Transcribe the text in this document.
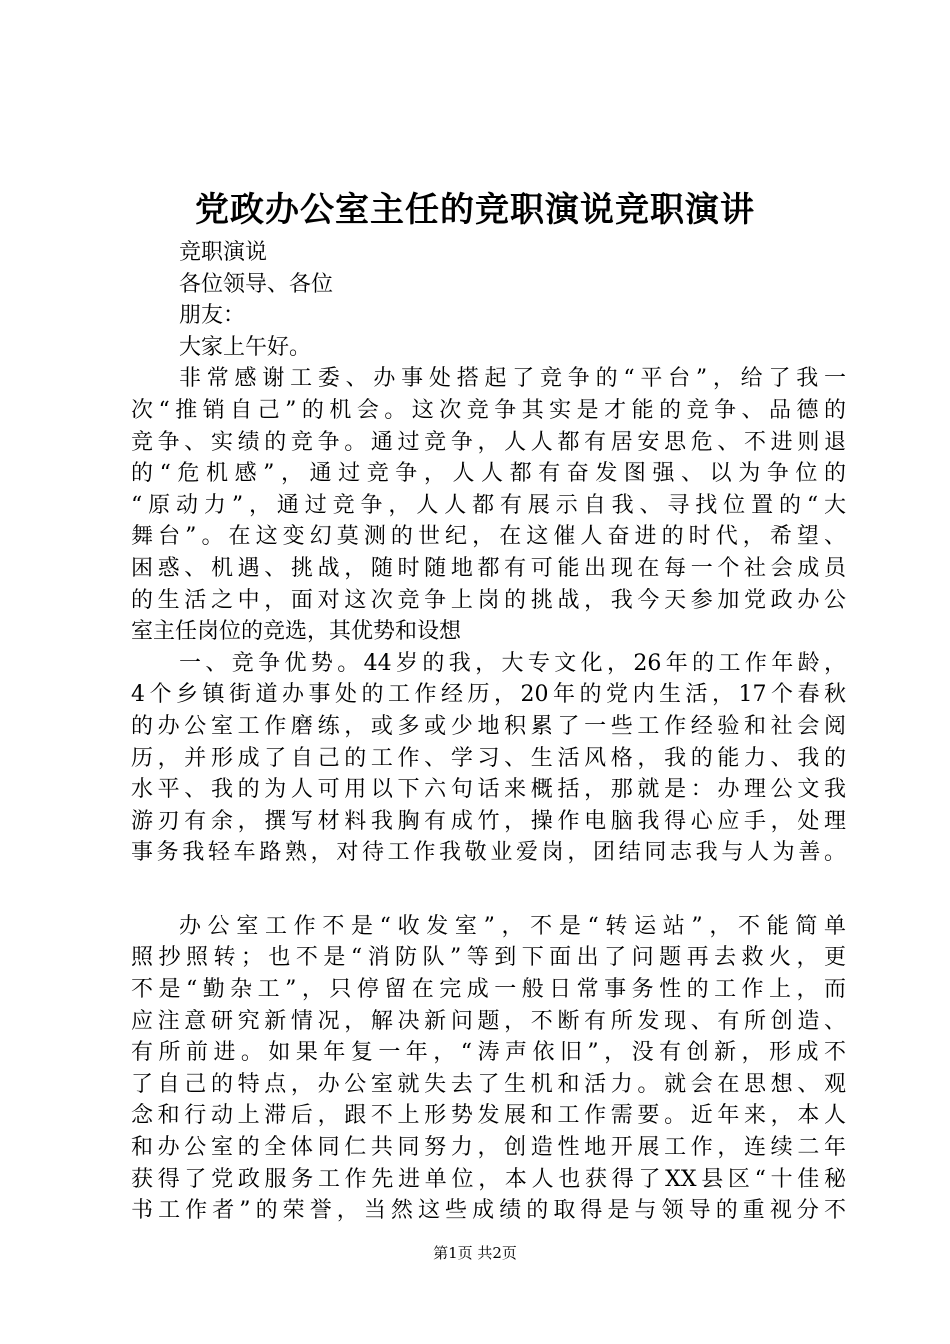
党政办公室主任的竞职演说竞职演讲

竞职演说

各位领导、各位

朋友：

大家上午好。

非常感谢工委、办事处搭起了竞争的“平台”，给了我一

次“推销自己”的机会。这次竞争其实是才能的竞争、品德的

竞争、实绩的竞争。通过竞争，人人都有居安思危、不进则退

的“危机感”，通过竞争，人人都有奋发图强、以为争位的

“原动力”，通过竞争，人人都有展示自我、寻找位置的“大

舞台”。在这变幻莫测的世纪，在这催人奋进的时代，希望、

困惑、机遇、挑战，随时随地都有可能出现在每一个社会成员

的生活之中，面对这次竞争上岗的挑战，我今天参加党政办公

室主任岗位的竞选，其优势和设想

一、竞争优势。44岁的我，大专文化，26年的工作年龄，

4个乡镇街道办事处的工作经历，20年的党内生活，17个春秋

的办公室工作磨练，或多或少地积累了一些工作经验和社会阅

历，并形成了自己的工作、学习、生活风格，我的能力、我的

水平、我的为人可用以下六句话来概括，那就是：办理公文我

游刃有余，撰写材料我胸有成竹，操作电脑我得心应手，处理

事务我轻车路熟，对待工作我敬业爱岗，团结同志我与人为善。

办公室工作不是“收发室”，不是“转运站”，不能简单

照抄照转；也不是“消防队”等到下面出了问题再去救火，更

不是“勤杂工”，只停留在完成一般日常事务性的工作上，而

应注意研究新情况，解决新问题，不断有所发现、有所创造、

有所前进。如果年复一年，“涛声依旧”，没有创新，形成不

了自己的特点，办公室就失去了生机和活力。就会在思想、观

念和行动上滞后，跟不上形势发展和工作需要。近年来，本人

和办公室的全体同仁共同努力，创造性地开展工作，连续二年

获得了党政服务工作先进单位，本人也获得了XX县区“十佳秘

书工作者”的荣誉，当然这些成绩的取得是与领导的重视分不

第1页 共2页
